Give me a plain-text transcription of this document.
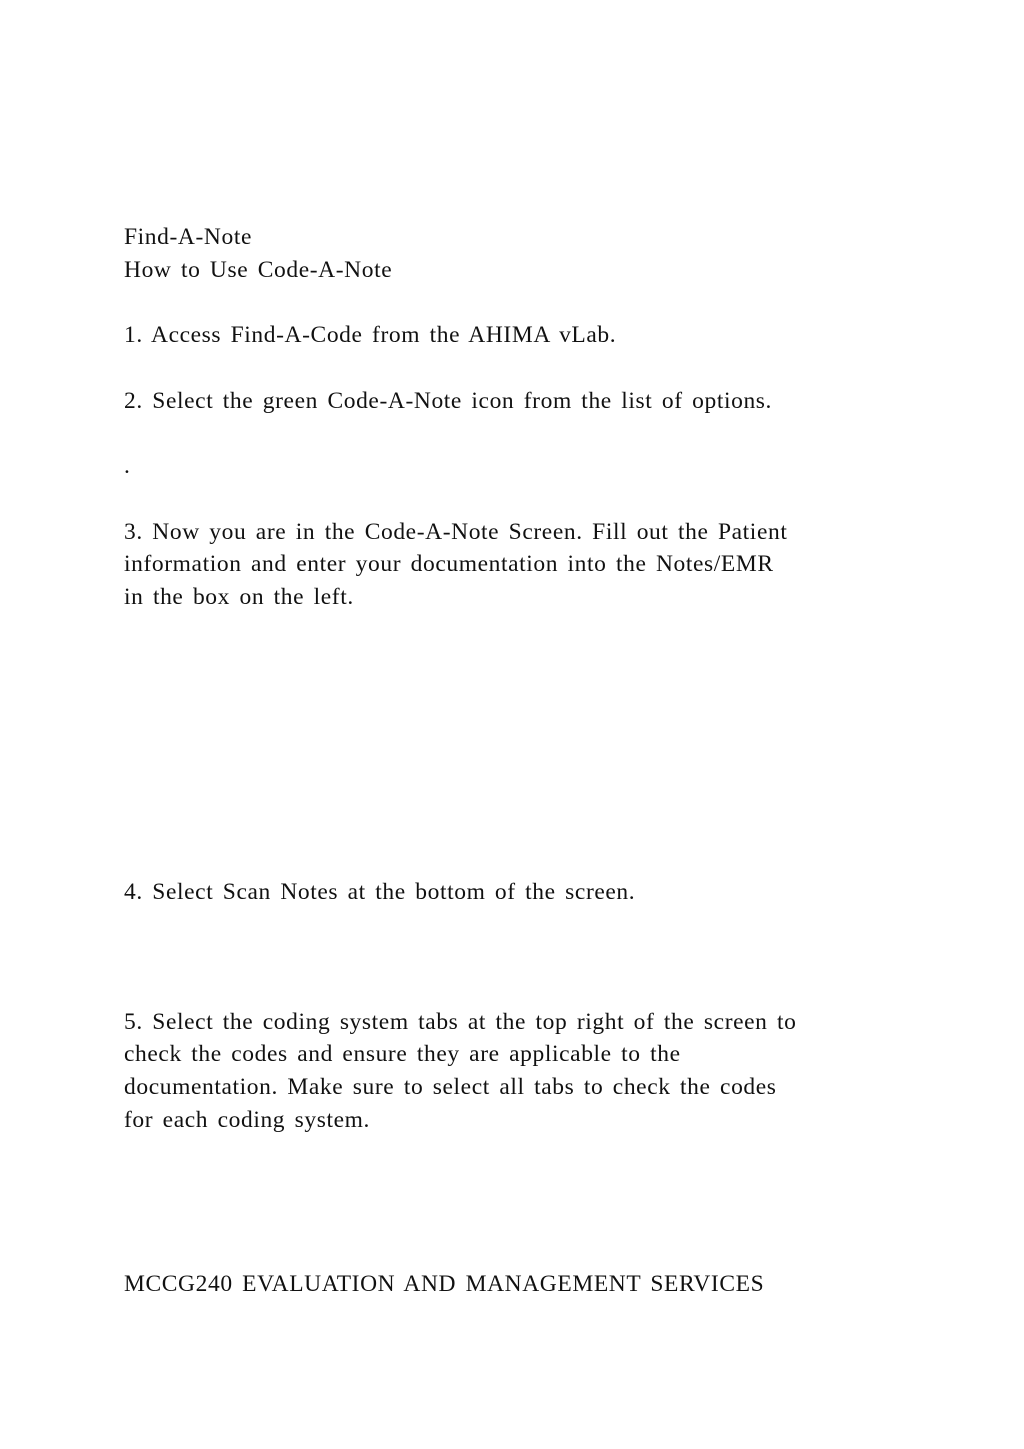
Find-A-Note
How to Use Code-A-Note
1. Access Find-A-Code from the AHIMA vLab.
2. Select the green Code-A-Note icon from the list of options.
.
3. Now you are in the Code-A-Note Screen. Fill out the Patient
information and enter your documentation into the Notes/EMR
in the box on the left.
4. Select Scan Notes at the bottom of the screen.
5. Select the coding system tabs at the top right of the screen to
check the codes and ensure they are applicable to the
documentation. Make sure to select all tabs to check the codes
for each coding system.
MCCG240 EVALUATION AND MANAGEMENT SERVICES
